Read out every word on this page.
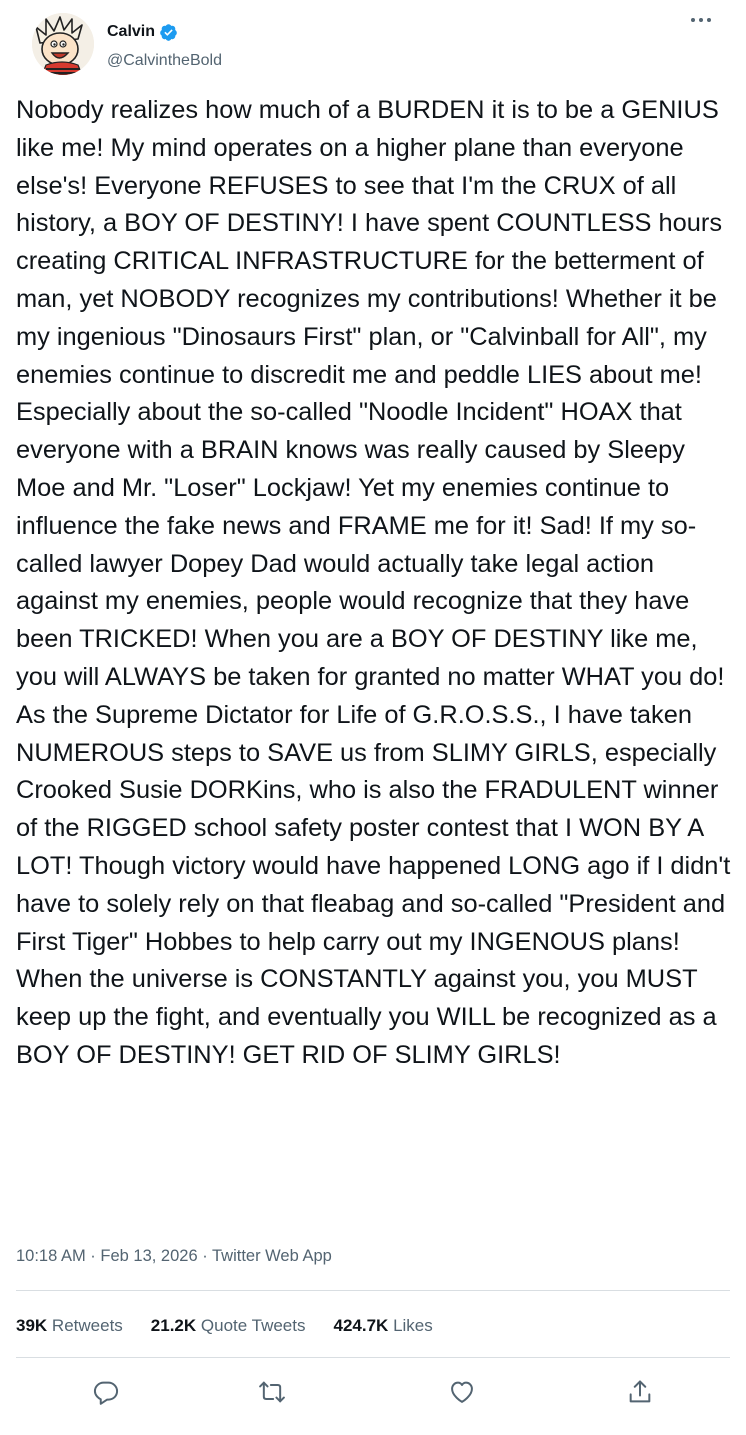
Calvin
@CalvintheBold
Nobody realizes how much of a BURDEN it is to be a GENIUS like me! My mind operates on a higher plane than everyone else's! Everyone REFUSES to see that I'm the CRUX of all history, a BOY OF DESTINY! I have spent COUNTLESS hours creating CRITICAL INFRASTRUCTURE for the betterment of man, yet NOBODY recognizes my contributions! Whether it be my ingenious "Dinosaurs First" plan, or "Calvinball for All", my enemies continue to discredit me and peddle LIES about me! Especially about the so-called "Noodle Incident" HOAX that everyone with a BRAIN knows was really caused by Sleepy Moe and Mr. "Loser" Lockjaw! Yet my enemies continue to influence the fake news and FRAME me for it! Sad! If my so-called lawyer Dopey Dad would actually take legal action against my enemies, people would recognize that they have been TRICKED! When you are a BOY OF DESTINY like me, you will ALWAYS be taken for granted no matter WHAT you do! As the Supreme Dictator for Life of G.R.O.S.S., I have taken NUMEROUS steps to SAVE us from SLIMY GIRLS, especially Crooked Susie DORKins, who is also the FRADULENT winner of the RIGGED school safety poster contest that I WON BY A LOT! Though victory would have happened LONG ago if I didn't have to solely rely on that fleabag and so-called "President and First Tiger" Hobbes to help carry out my INGENOUS plans! When the universe is CONSTANTLY against you, you MUST keep up the fight, and eventually you WILL be recognized as a BOY OF DESTINY! GET RID OF SLIMY GIRLS!
10:18 AM · Feb 13, 2026 · Twitter Web App
39K Retweets 21.2K Quote Tweets 424.7K Likes
